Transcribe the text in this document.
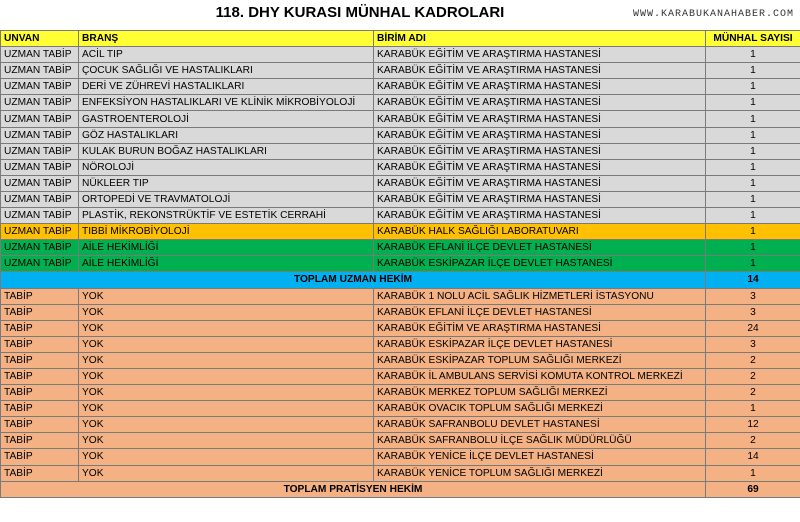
118. DHY KURASI MÜNHAL KADROLARI	WWW.KARABUKANAHABER.COM
UNVAN	BRANŞ	BİRİM ADI	MÜNHAL SAYISI
UZMAN TABİP	ACİL TIP	KARABÜK EĞİTİM VE ARAŞTIRMA HASTANESİ	1
UZMAN TABİP	ÇOCUK SAĞLIĞI VE HASTALIKLARI	KARABÜK EĞİTİM VE ARAŞTIRMA HASTANESİ	1
UZMAN TABİP	DERİ VE ZÜHREVİ HASTALIKLARI	KARABÜK EĞİTİM VE ARAŞTIRMA HASTANESİ	1
UZMAN TABİP	ENFEKSİYON HASTALIKLARI VE KLİNİK MİKROBİYOLOJİ	KARABÜK EĞİTİM VE ARAŞTIRMA HASTANESİ	1
UZMAN TABİP	GASTROENTEROLOJİ	KARABÜK EĞİTİM VE ARAŞTIRMA HASTANESİ	1
UZMAN TABİP	GÖZ HASTALIKLARI	KARABÜK EĞİTİM VE ARAŞTIRMA HASTANESİ	1
UZMAN TABİP	KULAK BURUN BOĞAZ HASTALIKLARI	KARABÜK EĞİTİM VE ARAŞTIRMA HASTANESİ	1
UZMAN TABİP	NÖROLOJİ	KARABÜK EĞİTİM VE ARAŞTIRMA HASTANESİ	1
UZMAN TABİP	NÜKLEER TIP	KARABÜK EĞİTİM VE ARAŞTIRMA HASTANESİ	1
UZMAN TABİP	ORTOPEDİ VE TRAVMATOLOJİ	KARABÜK EĞİTİM VE ARAŞTIRMA HASTANESİ	1
UZMAN TABİP	PLASTİK, REKONSTRÜKTİF VE ESTETİK CERRAHİ	KARABÜK EĞİTİM VE ARAŞTIRMA HASTANESİ	1
UZMAN TABİP	TIBBİ MİKROBİYOLOJİ	KARABÜK HALK SAĞLIĞI LABORATUVARI	1
UZMAN TABİP	AİLE HEKİMLİĞİ	KARABÜK EFLANİ İLÇE DEVLET HASTANESİ	1
UZMAN TABİP	AİLE HEKİMLİĞİ	KARABÜK ESKİPAZAR İLÇE DEVLET HASTANESİ	1
TOPLAM UZMAN HEKİM			14
TABİP	YOK	KARABÜK 1 NOLU ACİL SAĞLIK HİZMETLERİ İSTASYONU	3
TABİP	YOK	KARABÜK EFLANİ İLÇE DEVLET HASTANESİ	3
TABİP	YOK	KARABÜK EĞİTİM VE ARAŞTIRMA HASTANESİ	24
TABİP	YOK	KARABÜK ESKİPAZAR İLÇE DEVLET HASTANESİ	3
TABİP	YOK	KARABÜK ESKİPAZAR TOPLUM SAĞLIĞI MERKEZİ	2
TABİP	YOK	KARABÜK İL AMBULANS SERVİSİ KOMUTA KONTROL MERKEZİ	2
TABİP	YOK	KARABÜK MERKEZ TOPLUM SAĞLIĞI MERKEZİ	2
TABİP	YOK	KARABÜK OVACIK TOPLUM SAĞLIĞI MERKEZİ	1
TABİP	YOK	KARABÜK SAFRANBOLU DEVLET HASTANESİ	12
TABİP	YOK	KARABÜK SAFRANBOLU İLÇE SAĞLIK MÜDÜRLÜĞÜ	2
TABİP	YOK	KARABÜK YENİCE İLÇE DEVLET HASTANESİ	14
TABİP	YOK	KARABÜK YENİCE TOPLUM SAĞLIĞI MERKEZİ	1
TOPLAM PRATİSYEN HEKİM			69
